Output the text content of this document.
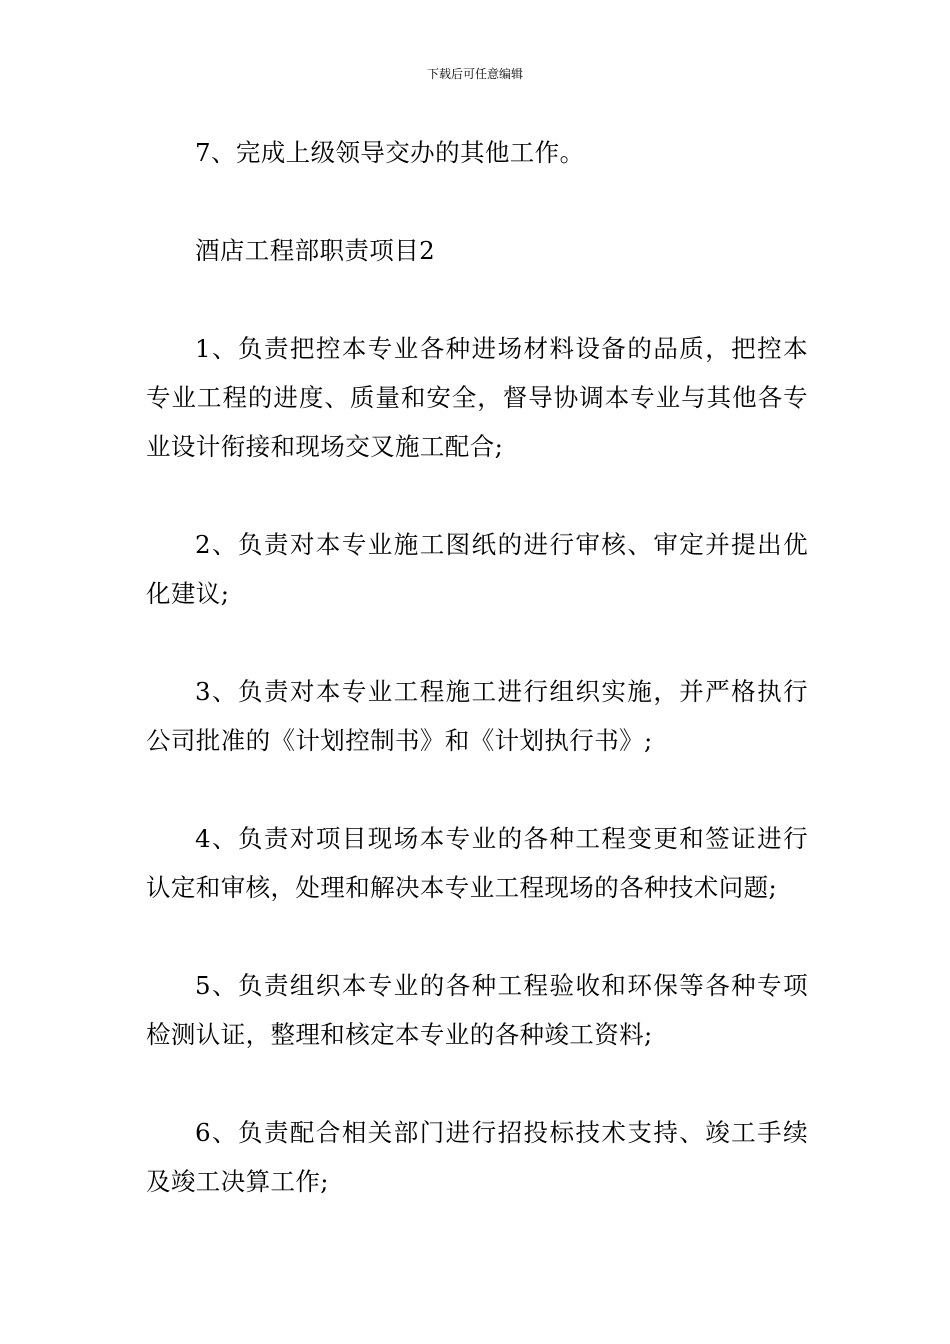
下载后可任意编辑

7、完成上级领导交办的其他工作。

酒店工程部职责项目2

1、负责把控本专业各种进场材料设备的品质，把控本专业工程的进度、质量和安全，督导协调本专业与其他各专业设计衔接和现场交叉施工配合;

2、负责对本专业施工图纸的进行审核、审定并提出优化建议;

3、负责对本专业工程施工进行组织实施，并严格执行公司批准的《计划控制书》和《计划执行书》;

4、负责对项目现场本专业的各种工程变更和签证进行认定和审核，处理和解决本专业工程现场的各种技术问题;

5、负责组织本专业的各种工程验收和环保等各种专项检测认证，整理和核定本专业的各种竣工资料;

6、负责配合相关部门进行招投标技术支持、竣工手续及竣工决算工作;
